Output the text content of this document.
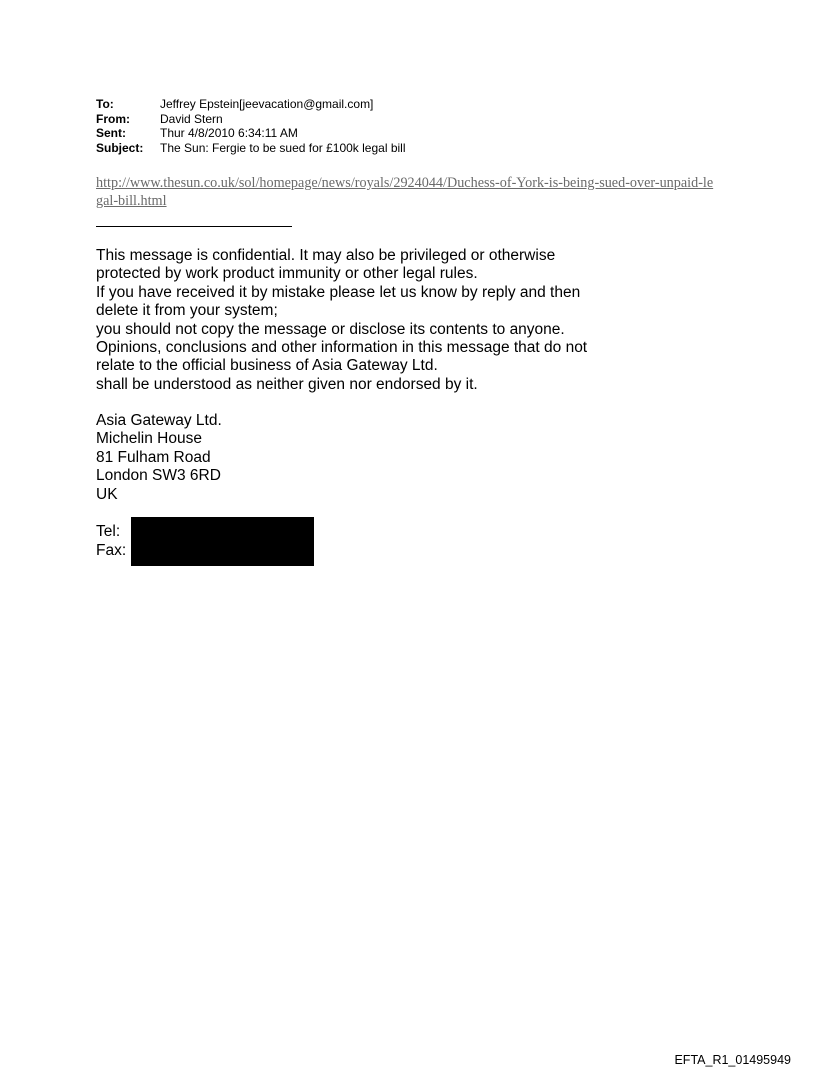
To:	Jeffrey Epstein[jeevacation@gmail.com]
From:	David Stern
Sent:	Thur 4/8/2010 6:34:11 AM
Subject:	The Sun: Fergie to be sued for £100k legal bill
http://www.thesun.co.uk/sol/homepage/news/royals/2924044/Duchess-of-York-is-being-sued-over-unpaid-legal-bill.html
This message is confidential. It may also be privileged or otherwise
protected by work product immunity or other legal rules.
If you have received it by mistake please let us know by reply and then
delete it from your system;
you should not copy the message or disclose its contents to anyone.
Opinions, conclusions and other information in this message that do not
relate to the official business of Asia Gateway Ltd.
shall be understood as neither given nor endorsed by it.
Asia Gateway Ltd.
Michelin House
81 Fulham Road
London SW3 6RD
UK
Tel:
Fax:
EFTA_R1_01495949
